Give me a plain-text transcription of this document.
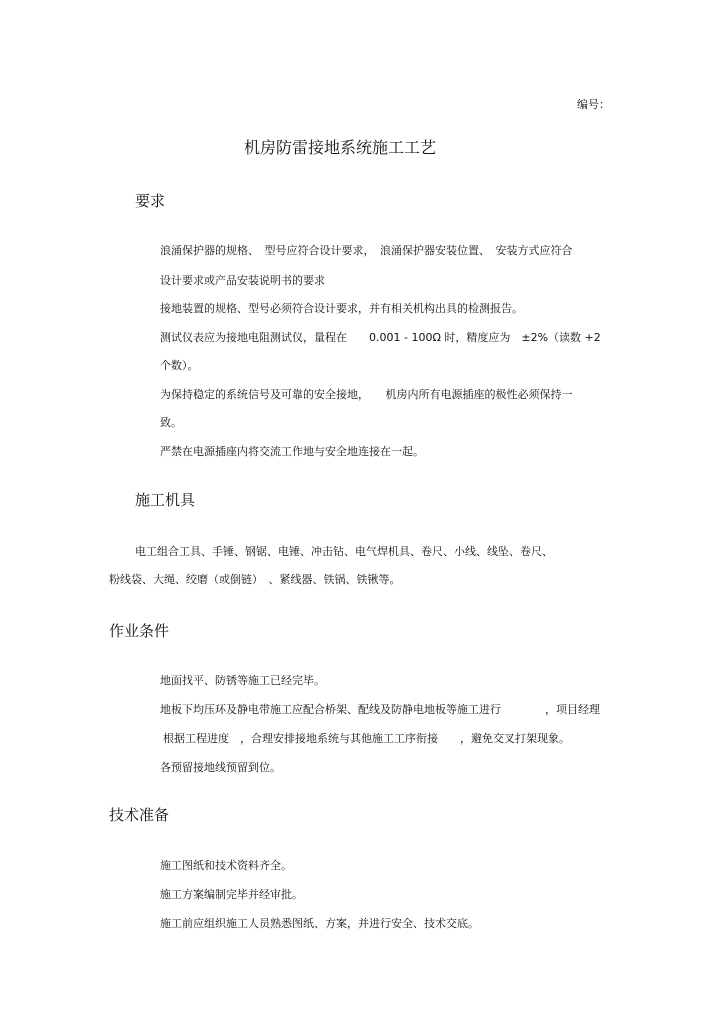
编号：
机房防雷接地系统施工工艺
要求
浪涌保护器的规格、　型号应符合设计要求，　浪涌保护器安装位置、　安装方式应符合
设计要求或产品安装说明书的要求
接地装置的规格、型号必须符合设计要求，并有相关机构出具的检测报告。
测试仪表应为接地电阻测试仪，量程在　　0.001 - 100Ω 时，精度应为　±2%（读数 +2
个数）。
为保持稳定的系统信号及可靠的安全接地，　　机房内所有电源插座的极性必须保持一
致。
严禁在电源插座内将交流工作地与安全地连接在一起。
施工机具
电工组合工具、手锤、钢锯、电锤、冲击钻、电气焊机具、卷尺、小线、线坠、卷尺、
粉线袋、大绳、绞磨（或倒链）　、紧线器、铁锅、铁锹等。
作业条件
地面找平、防锈等施工已经完毕。
地板下均压环及静电带施工应配合桥架、配线及防静电地板等施工进行　　　　，项目经理
根据工程进度　，合理安排接地系统与其他施工工序衔接　　，避免交叉打架现象。
各预留接地线预留到位。
技术准备
施工图纸和技术资料齐全。
施工方案编制完毕并经审批。
施工前应组织施工人员熟悉图纸、方案，并进行安全、技术交底。
